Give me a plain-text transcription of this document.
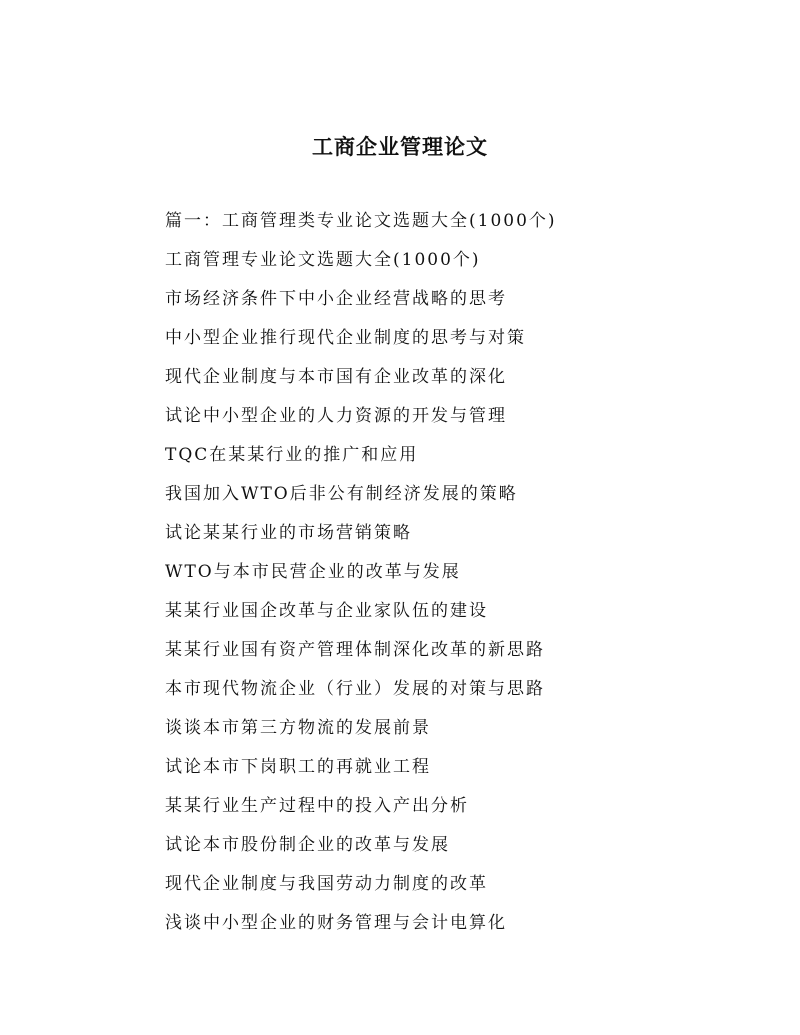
工商企业管理论文
篇一：工商管理类专业论文选题大全(1000个)
工商管理专业论文选题大全(1000个)
市场经济条件下中小企业经营战略的思考
中小型企业推行现代企业制度的思考与对策
现代企业制度与本市国有企业改革的深化
试论中小型企业的人力资源的开发与管理
TQC在某某行业的推广和应用
我国加入WTO后非公有制经济发展的策略
试论某某行业的市场营销策略
WTO与本市民营企业的改革与发展
某某行业国企改革与企业家队伍的建设
某某行业国有资产管理体制深化改革的新思路
本市现代物流企业（行业）发展的对策与思路
谈谈本市第三方物流的发展前景
试论本市下岗职工的再就业工程
某某行业生产过程中的投入产出分析
试论本市股份制企业的改革与发展
现代企业制度与我国劳动力制度的改革
浅谈中小型企业的财务管理与会计电算化
